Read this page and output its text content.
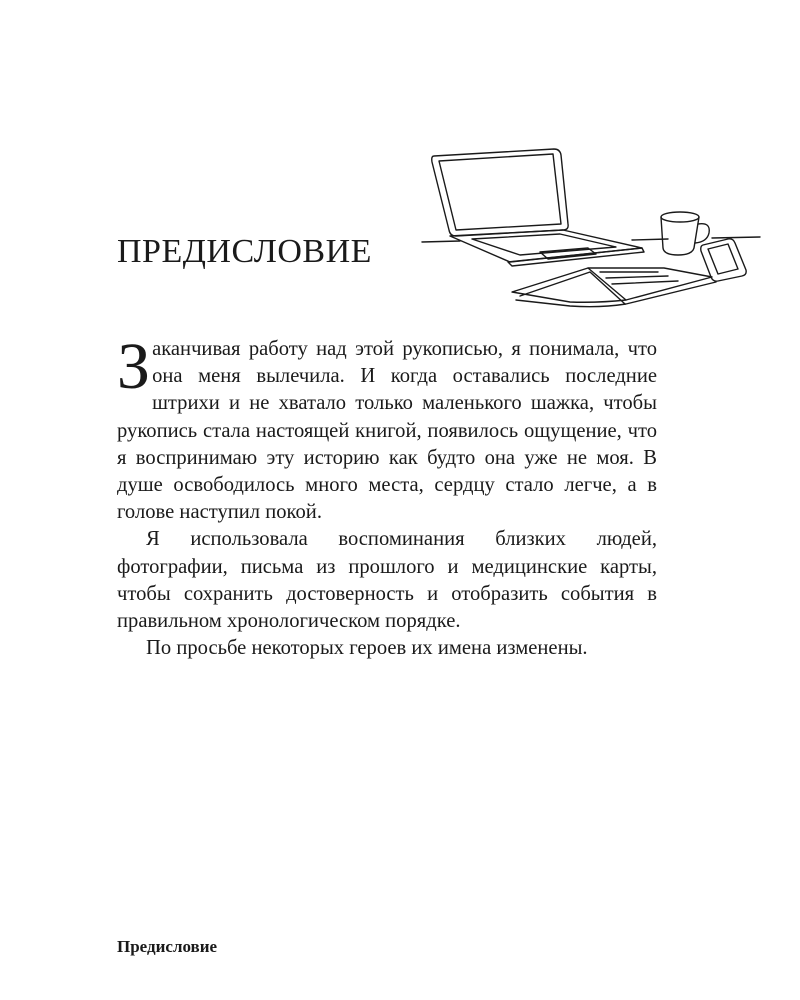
ПРЕДИСЛОВИЕ

Заканчивая работу над этой рукописью, я понимала, что она меня вылечила. И когда оставались последние штрихи и не хватало только маленького шажка, чтобы рукопись стала настоящей книгой, появилось ощущение, что я воспринимаю эту историю как будто она уже не моя. В душе освободилось много места, сердцу стало легче, а в голове наступил покой.

Я использовала воспоминания близких людей, фотографии, письма из прошлого и медицинские карты, чтобы сохранить достоверность и отобразить события в правильном хронологическом порядке.

По просьбе некоторых героев их имена изменены.

Предисловие
